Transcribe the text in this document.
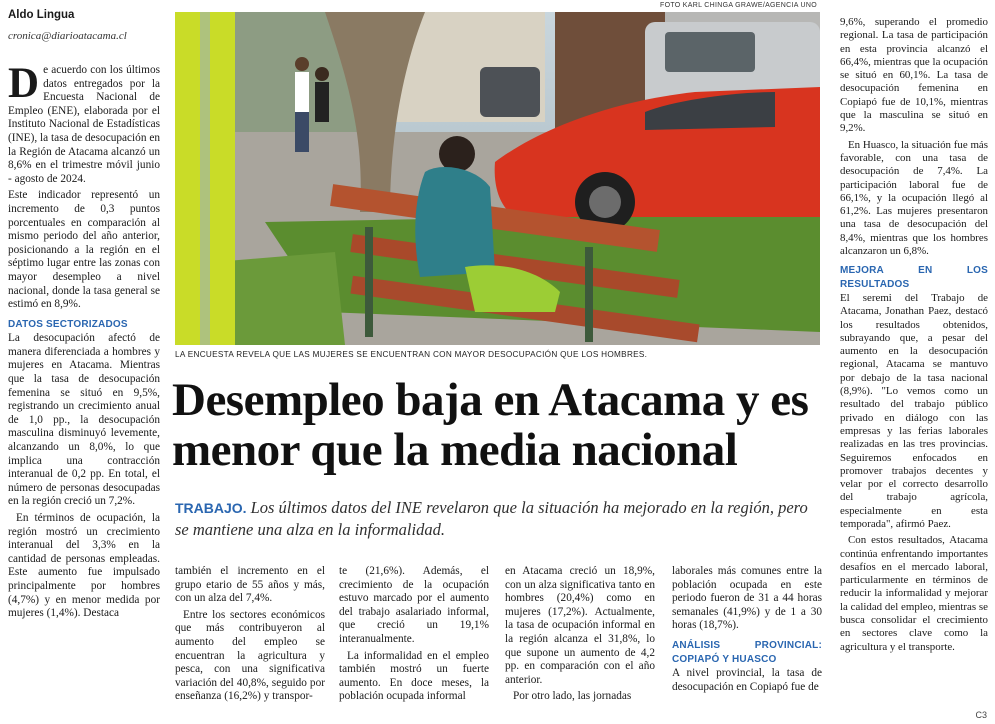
Aldo Lingua
cronica@diarioatacama.cl

De acuerdo con los últimos datos entregados por la Encuesta Nacional de Empleo (ENE), elaborada por el Instituto Nacional de Estadísticas (INE), la tasa de desocupación en la Región de Atacama alcanzó un 8,6% en el trimestre móvil junio - agosto de 2024.

Este indicador representó un incremento de 0,3 puntos porcentuales en comparación al mismo periodo del año anterior, posicionando a la región en el séptimo lugar entre las zonas con mayor desempleo a nivel nacional, donde la tasa general se estimó en 8,9%.

DATOS SECTORIZADOS

La desocupación afectó de manera diferenciada a hombres y mujeres en Atacama. Mientras que la tasa de desocupación femenina se situó en 9,5%, registrando un crecimiento anual de 1,0 pp., la desocupación masculina disminuyó levemente, alcanzando un 8,0%, lo que implica una contracción interanual de 0,2 pp. En total, el número de personas desocupadas en la región creció un 7,2%.

En términos de ocupación, la región mostró un crecimiento interanual del 3,3% en la cantidad de personas empleadas. Este aumento fue impulsado principalmente por hombres (4,7%) y en menor medida por mujeres (1,4%). Destaca

FOTO KARL CHINGA GRAWE/AGENCIA UNO
LA ENCUESTA REVELA QUE LAS MUJERES SE ENCUENTRAN CON MAYOR DESOCUPACIÓN QUE LOS HOMBRES.
Desempleo baja en Atacama y es menor que la media nacional
TRABAJO. Los últimos datos del INE revelaron que la situación ha mejorado en la región, pero se mantiene una alza en la informalidad.

también el incremento en el grupo etario de 55 años y más, con un alza del 7,4%.

Entre los sectores económicos que más contribuyeron al aumento del empleo se encuentran la agricultura y pesca, con una significativa variación del 40,8%, seguido por enseñanza (16,2%) y transpor-

te (21,6%). Además, el crecimiento de la ocupación estuvo marcado por el aumento del trabajo asalariado informal, que creció un 19,1% interanualmente.

La informalidad en el empleo también mostró un fuerte aumento. En doce meses, la población ocupada informal

en Atacama creció un 18,9%, con un alza significativa tanto en hombres (20,4%) como en mujeres (17,2%). Actualmente, la tasa de ocupación informal en la región alcanza el 31,8%, lo que supone un aumento de 4,2 pp. en comparación con el año anterior.

Por otro lado, las jornadas

laborales más comunes entre la población ocupada en este periodo fueron de 31 a 44 horas semanales (41,9%) y de 1 a 30 horas (18,7%).

ANÁLISIS PROVINCIAL: COPIAPÓ Y HUASCO

A nivel provincial, la tasa de desocupación en Copiapó fue de

9,6%, superando el promedio regional. La tasa de participación en esta provincia alcanzó el 66,4%, mientras que la ocupación se situó en 60,1%. La tasa de desocupación femenina en Copiapó fue de 10,1%, mientras que la masculina se situó en 9,2%.

En Huasco, la situación fue más favorable, con una tasa de desocupación de 7,4%. La participación laboral fue de 66,1%, y la ocupación llegó al 61,2%. Las mujeres presentaron una tasa de desocupación del 8,4%, mientras que los hombres alcanzaron un 6,8%.

MEJORA EN LOS RESULTADOS

El seremi del Trabajo de Atacama, Jonathan Paez, destacó los resultados obtenidos, subrayando que, a pesar del aumento en la desocupación regional, Atacama se mantuvo por debajo de la tasa nacional (8,9%). "Lo vemos como un resultado del trabajo público privado en diálogo con las empresas y las ferias laborales realizadas en las tres provincias. Seguiremos enfocados en promover trabajos decentes y velar por el correcto desarrollo del trabajo agrícola, especialmente en esta temporada", afirmó Paez.

Con estos resultados, Atacama continúa enfrentando importantes desafíos en el mercado laboral, particularmente en términos de reducir la informalidad y mejorar la calidad del empleo, mientras se busca consolidar el crecimiento en sectores clave como la agricultura y el transporte.

C3
